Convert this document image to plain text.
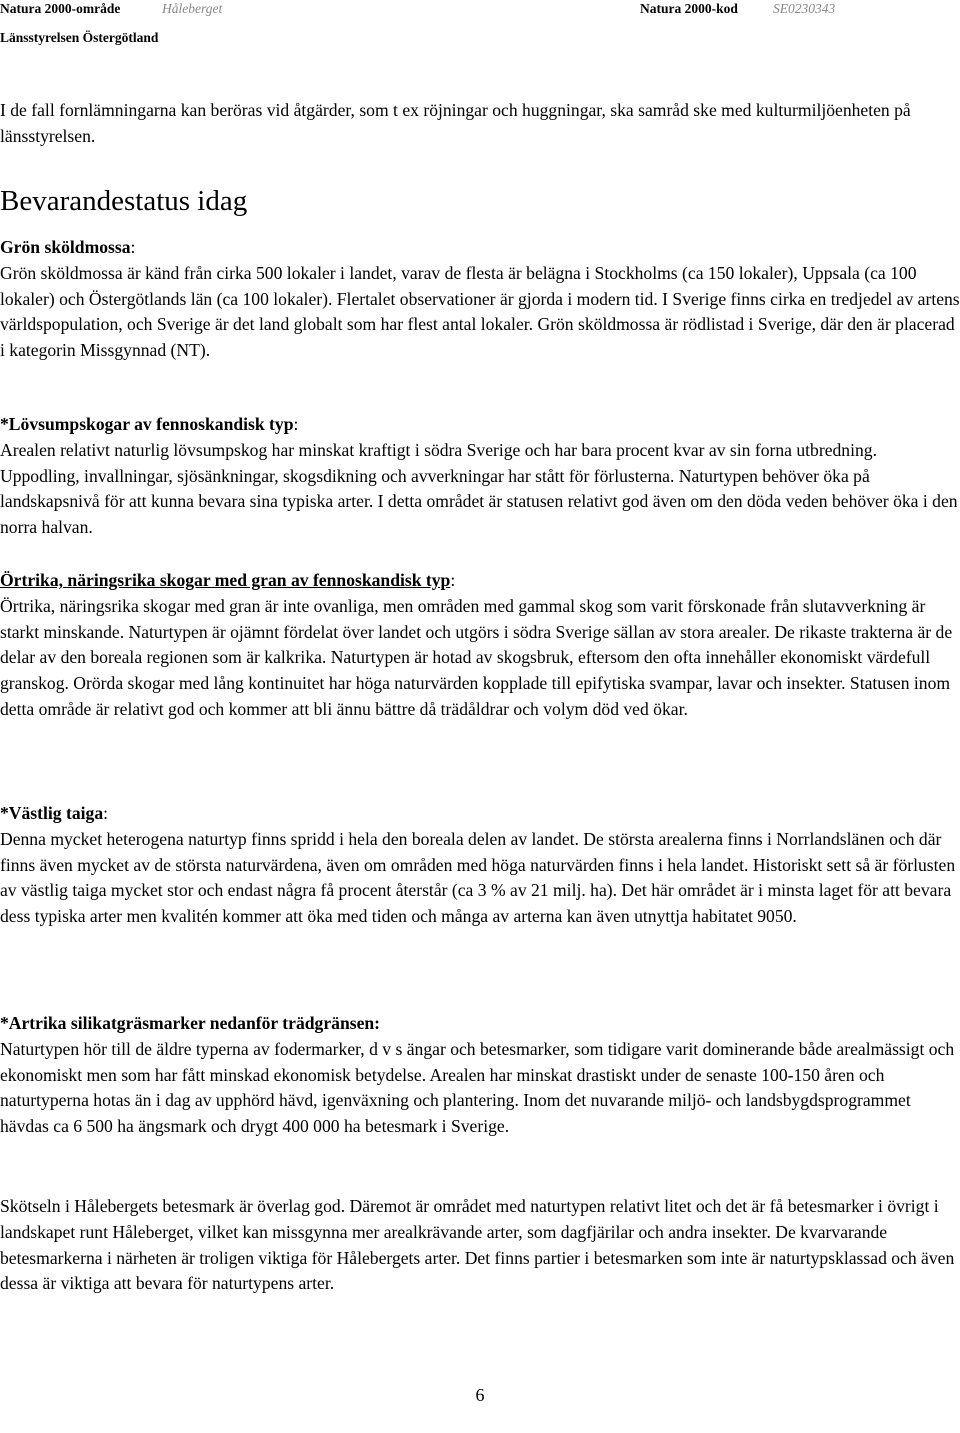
Natura 2000-område	Håleberget	Natura 2000-kod	SE0230343
Länsstyrelsen Östergötland

I de fall fornlämningarna kan beröras vid åtgärder, som t ex röjningar och huggningar, ska samråd ske med kulturmiljöenheten på länsstyrelsen.

Bevarandestatus idag
Grön sköldmossa:

Grön sköldmossa är känd från cirka 500 lokaler i landet, varav de flesta är belägna i Stockholms (ca 150 lokaler), Uppsala (ca 100 lokaler) och Östergötlands län (ca 100 lokaler). Flertalet observationer är gjorda i modern tid. I Sverige finns cirka en tredjedel av artens världspopulation, och Sverige är det land globalt som har flest antal lokaler. Grön sköldmossa är rödlistad i Sverige, där den är placerad i kategorin Missgynnad (NT).

*Lövsumpskogar av fennoskandisk typ:

Arealen relativt naturlig lövsumpskog har minskat kraftigt i södra Sverige och har bara procent kvar av sin forna utbredning. Uppodling, invallningar, sjösänkningar, skogsdikning och avverkningar har stått för förlusterna. Naturtypen behöver öka på landskapsnivå för att kunna bevara sina typiska arter. I detta området är statusen relativt god även om den döda veden behöver öka i den norra halvan.

Örtrika, näringsrika skogar med gran av fennoskandisk typ:

Örtrika, näringsrika skogar med gran är inte ovanliga, men områden med gammal skog som varit förskonade från slutavverkning är starkt minskande. Naturtypen är ojämnt fördelat över landet och utgörs i södra Sverige sällan av stora arealer. De rikaste trakterna är de delar av den boreala regionen som är kalkrika. Naturtypen är hotad av skogsbruk, eftersom den ofta innehåller ekonomiskt värdefull granskog. Orörda skogar med lång kontinuitet har höga naturvärden kopplade till epifytiska svampar, lavar och insekter. Statusen inom detta område är relativt god och kommer att bli ännu bättre då trädåldrar och volym död ved ökar.

*Västlig taiga:

Denna mycket heterogena naturtyp finns spridd i hela den boreala delen av landet. De största arealerna finns i Norrlandslänen och där finns även mycket av de största naturvärdena, även om områden med höga naturvärden finns i hela landet. Historiskt sett så är förlusten av västlig taiga mycket stor och endast några få procent återstår (ca 3 % av 21 milj. ha). Det här området är i minsta laget för att bevara dess typiska arter men kvalitén kommer att öka med tiden och många av arterna kan även utnyttja habitatet 9050.

*Artrika silikatgräsmarker nedanför trädgränsen:

Naturtypen hör till de äldre typerna av fodermarker, d v s ängar och betesmarker, som tidigare varit dominerande både arealmässigt och ekonomiskt men som har fått minskad ekonomisk betydelse. Arealen har minskat drastiskt under de senaste 100-150 åren och naturtyperna hotas än i dag av upphörd hävd, igenväxning och plantering. Inom det nuvarande miljö- och landsbygdsprogrammet hävdas ca 6 500 ha ängsmark och drygt 400 000 ha betesmark i Sverige.

Skötseln i Hålebergets betesmark är överlag god. Däremot är området med naturtypen relativt litet och det är få betesmarker i övrigt i landskapet runt Håleberget, vilket kan missgynna mer arealkrävande arter, som dagfjärilar och andra insekter. De kvarvarande betesmarkerna i närheten är troligen viktiga för Hålebergets arter. Det finns partier i betesmarken som inte är naturtypsklassad och även dessa är viktiga att bevara för naturtypens arter.

6
